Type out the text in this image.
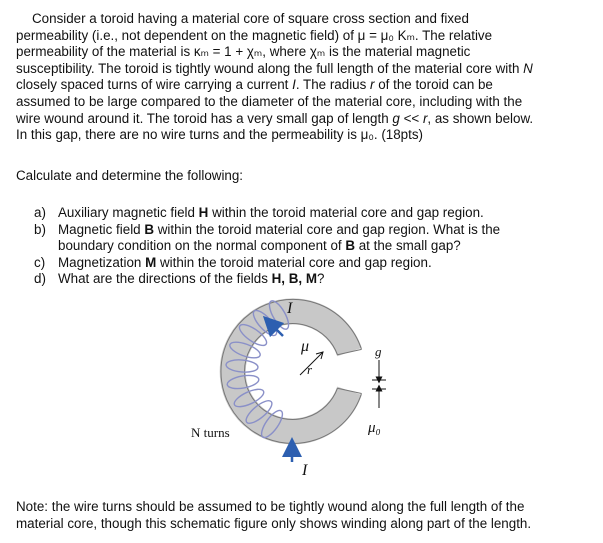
Consider a toroid having a material core of square cross section and fixed
permeability (i.e., not dependent on the magnetic field) of μ = μ₀ Kₘ. The relative
permeability of the material is κₘ = 1 + χₘ, where χₘ is the material magnetic
susceptibility. The toroid is tightly wound along the full length of the material core with N
closely spaced turns of wire carrying a current I. The radius r of the toroid can be
assumed to be large compared to the diameter of the material core, including with the
wire wound around it. The toroid has a very small gap of length g << r, as shown below.
In this gap, there are no wire turns and the permeability is μ₀. (18pts)
Calculate and determine the following:
a) Auxiliary magnetic field H within the toroid material core and gap region.
b) Magnetic field B within the toroid material core and gap region. What is the
boundary condition on the normal component of B at the small gap?
c) Magnetization M within the toroid material core and gap region.
d) What are the directions of the fields H, B, M?
I
μ
r
g
μ₀
N turns
I
Note: the wire turns should be assumed to be tightly wound along the full length of the
material core, though this schematic figure only shows winding along part of the length.
